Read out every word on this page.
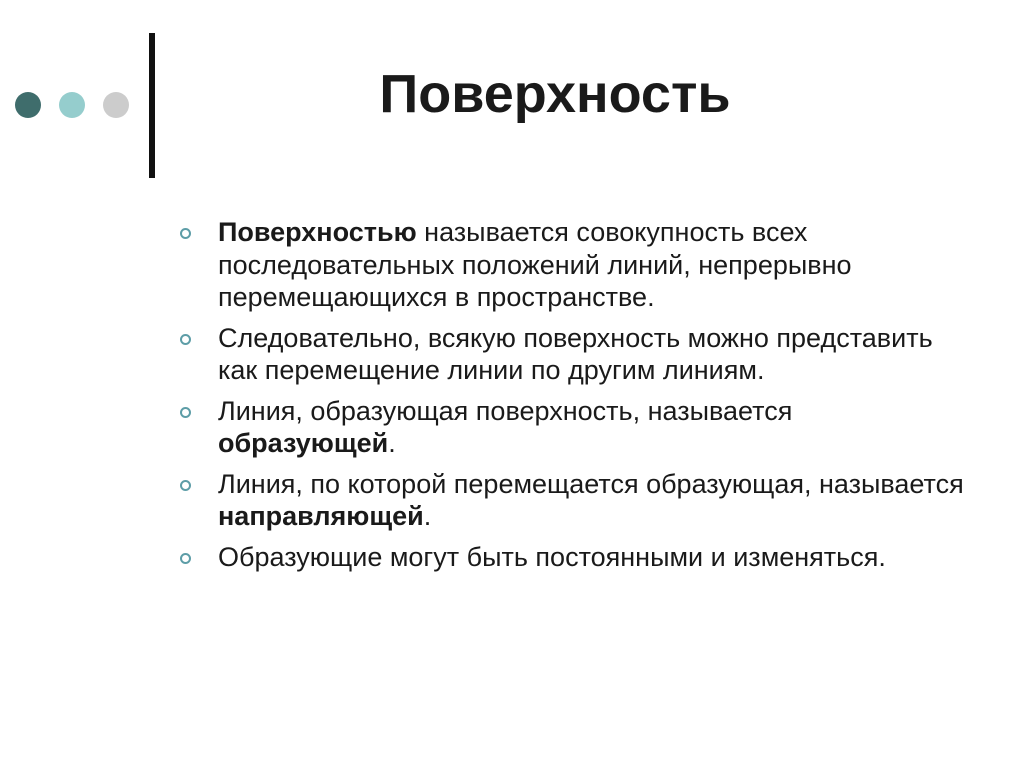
Поверхность
Поверхностью называется совокупность всех последовательных положений линий, непрерывно перемещающихся в пространстве.
Следовательно, всякую поверхность можно представить как перемещение линии по другим линиям.
Линия, образующая поверхность, называется образующей.
Линия, по которой перемещается образующая, называется направляющей.
Образующие могут быть постоянными и изменяться.
